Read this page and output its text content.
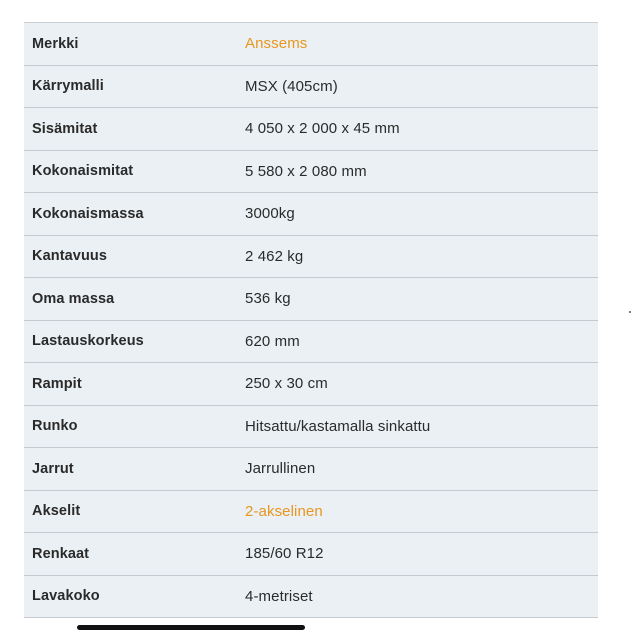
Merkki	Anssems
Kärrymalli	MSX (405cm)
Sisämitat	4 050 x 2 000 x 45 mm
Kokonaismitat	5 580 x 2 080 mm
Kokonaismassa	3000kg
Kantavuus	2 462 kg
Oma massa	536 kg
Lastauskorkeus	620 mm
Rampit	250 x 30 cm
Runko	Hitsattu/kastamalla sinkattu
Jarrut	Jarrullinen
Akselit	2-akselinen
Renkaat	185/60 R12
Lavakoko	4-metriset
